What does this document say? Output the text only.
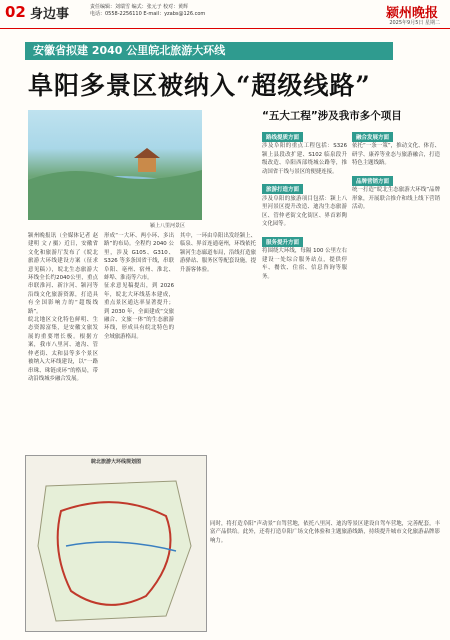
02 身边事	责任编辑：刘瑞雪 编式：张元子 校对：黄辉
电话：0558-2256110 E-mail：yzabs@126.com	颍州晚报
2025年9月5日 星期二
安徽省拟建 2040 公里皖北旅游大环线
阜阳多景区被纳入“超级线路”
颍上八里河景区
颍州晚报讯（全媒体记者 赵建明 文 / 摄）近日，安徽省文化和旅游厅发布了《皖北旅游大环线建设方案（征求意见稿）》，皖北生态旅游大环线全长约2040公里，重点串联淮河、新汴河、颍河等沿线文化旅游资源，打造具有全国影响力的“超级线路”。
皖北地区文化特色鲜明、生态资源富集，是安徽文旅发展的重要增长极。根据方案，我市八里河、迪沟、管仲老街、太和县等多个景区被纳入大环线建设，以“一路串珠、珠链成环”的格局，带动沿线城乡融合发展。
形成“一大环、两小环、多出路”的布局。全程约 2040 公里，涉及 G105、G310、S326 等多条国省干线，串联阜阳、亳州、宿州、淮北、蚌埠、淮南等六市。
征求意见稿提出，到 2026年，皖北大环线基本建成，重点景区通达率显著提升；到 2030 年，全面建成“交旅融合、文旅一体”的生态旅游环线，形成具有皖北特色的全域旅游格局。
其中，一环由阜阳出发经颍上、临泉、界首连通亳州，环线依托颍河生态廊道布局，沿线打造旅游驿站、服务区等配套设施，提升游客体验。
“五大工程”涉及我市多个项目
路线提质方面
涉及阜阳的重点工程包括：S326 颍上县段改扩建、S102 临泉段升级改造、阜阳西部绕城公路等，推动国省干线与景区的便捷连接。

旅游打造方面
涉及阜阳的旅游项目包括：颍上八里河景区提升改造、迪沟生态旅游区、管仲老街文化街区、界首彩陶文化园等。

服务提升方面
将围绕大环线，每隔 100 公里左右建设一处综合服务站点，提供停车、餐饮、住宿、信息咨询等服务。
融合发展方面
依托“一条一策”，推动文化、体育、研学、康养等业态与旅游融合，打造特色主题线路。

品牌营销方面
统一打造“皖北生态旅游大环线”品牌形象，开展联合推介和线上线下营销活动。
皖北旅游大环线规划图
同时，将打造阜阳“声动景”自驾营地，依托八里河、迪沟等景区建设自驾车营地，完善配套，丰富产品供给。此外，还将打造阜阳广场文化体验和主题旅游线路，持续提升城市文化旅游品牌影响力。
